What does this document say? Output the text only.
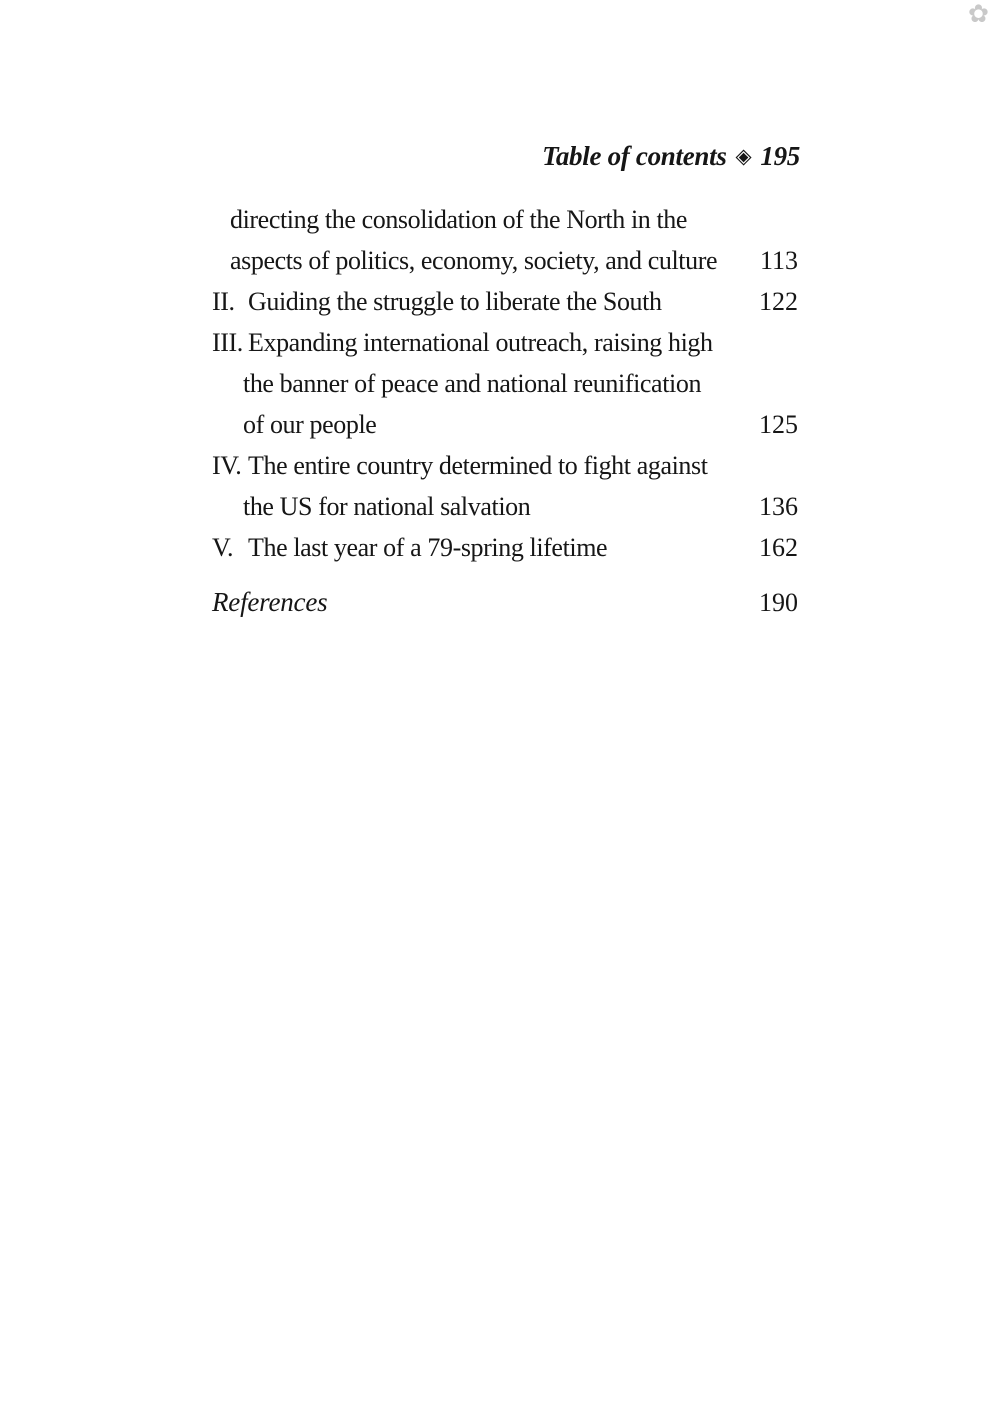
✿
Table of contents ◈ 195
directing the consolidation of the North in the
aspects of politics, economy, society, and culture	113
II. Guiding the struggle to liberate the South	122
III. Expanding international outreach, raising high
the banner of peace and national reunification
of our people	125
IV. The entire country determined to fight against
the US for national salvation	136
V. The last year of a 79-spring lifetime	162
References	190
